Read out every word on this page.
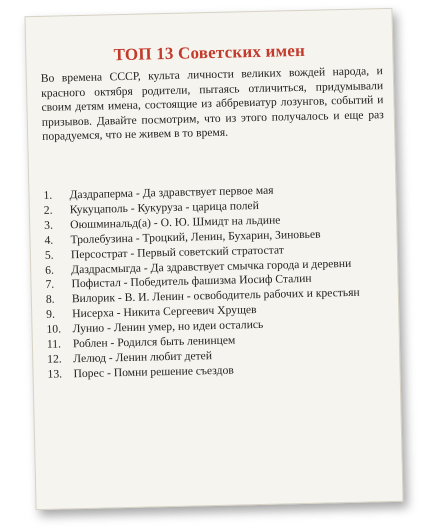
ТОП 13 Советских имен
Во времена СССР, культа личности великих вождей народа, и красного октября родители, пытаясь отличиться, придумывали своим детям имена, состоящие из аббревиатур лозунгов, событий и призывов. Давайте посмотрим, что из этого получалось и еще раз порадуемся, что не живем в то время.
1. Даздраперма - Да здравствует первое мая
2. Кукуцаполь - Кукуруза - царица полей
3. Оюшминальд(а) - О. Ю. Шмидт на льдине
4. Тролебузина - Троцкий, Ленин, Бухарин, Зиновьев
5. Персострат - Первый советский стратостат
6. Даздрасмыгда - Да здравствует смычка города и деревни
7. Пофистал - Победитель фашизма Иосиф Сталин
8. Вилорик - В. И. Ленин - освободитель рабочих и крестьян
9. Нисерха - Никита Сергеевич Хрущев
10. Лунио - Ленин умер, но идеи остались
11. Роблен - Родился быть ленинцем
12. Лелюд - Ленин любит детей
13. Порес - Помни решение съездов
